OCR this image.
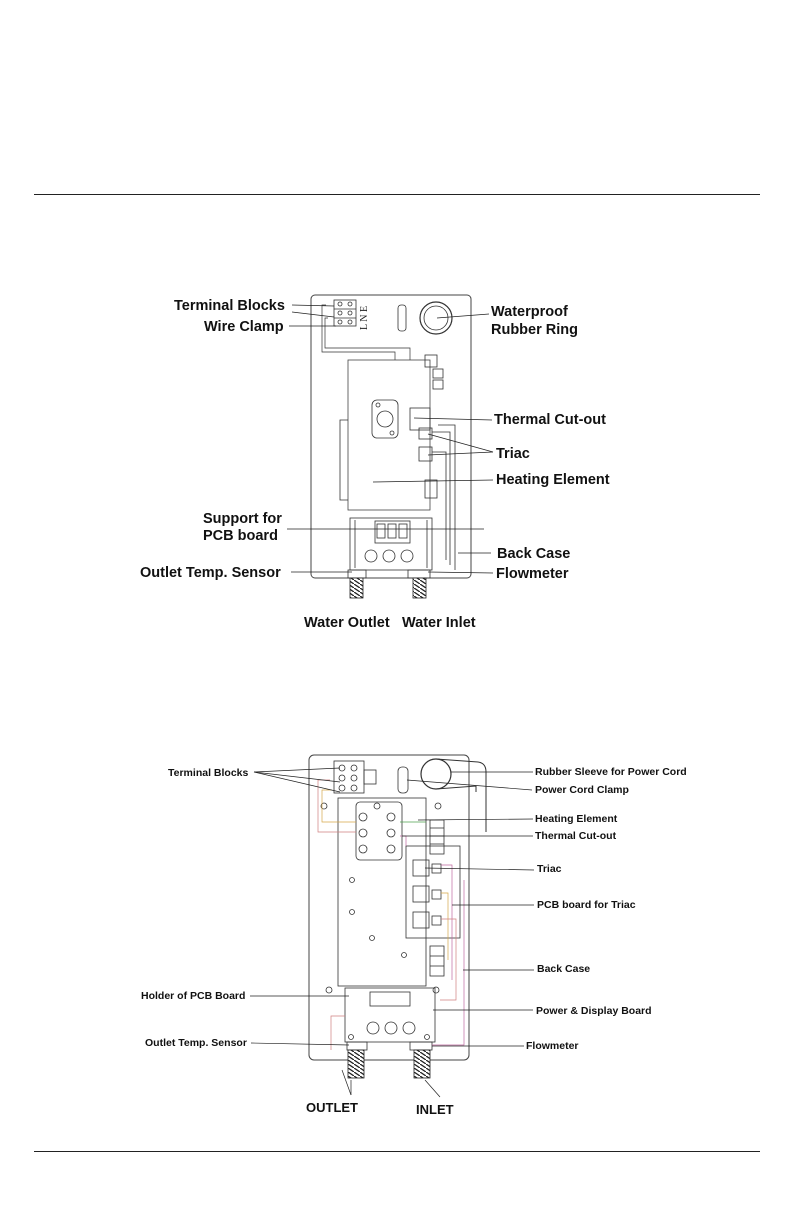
L N E
Terminal Blocks
Wire Clamp
Waterproof
Rubber Ring
Thermal Cut-out
Triac
Heating Element
Support for
PCB board
Back Case
Outlet Temp. Sensor	Flowmeter
Water Outlet Water Inlet
Terminal Blocks	Rubber Sleeve for Power Cord
Power Cord Clamp
Heating Element
Thermal Cut-out
Triac
PCB board for Triac
Back Case
Holder of PCB Board
Power & Display Board
Outlet Temp. Sensor	Flowmeter
OUTLET	INLET
